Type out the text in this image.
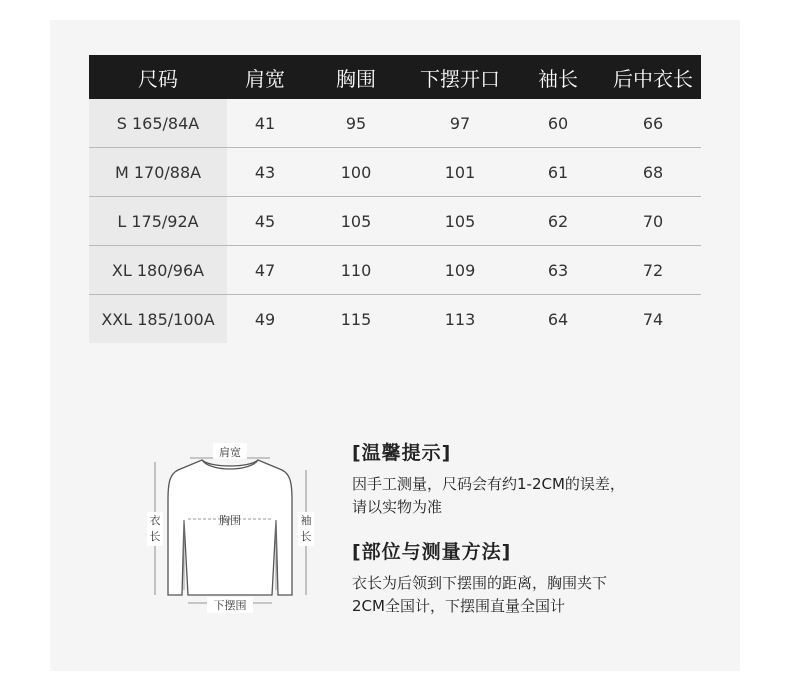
尺码	肩宽	胸围	下摆开口	袖长	后中衣长
S 165/84A	41	95	97	60	66
M 170/88A	43	100	101	61	68
L 175/92A	45	105	105	62	70
XL 180/96A	47	110	109	63	72
XXL 185/100A	49	115	113	64	74
肩宽
胸围
下摆围
衣
长
袖
长
[温馨提示]

因手工测量，尺码会有约1-2CM的误差，

请以实物为准

[部位与测量方法]

衣长为后领到下摆围的距离，胸围夹下

2CM全国计，下摆围直量全国计
